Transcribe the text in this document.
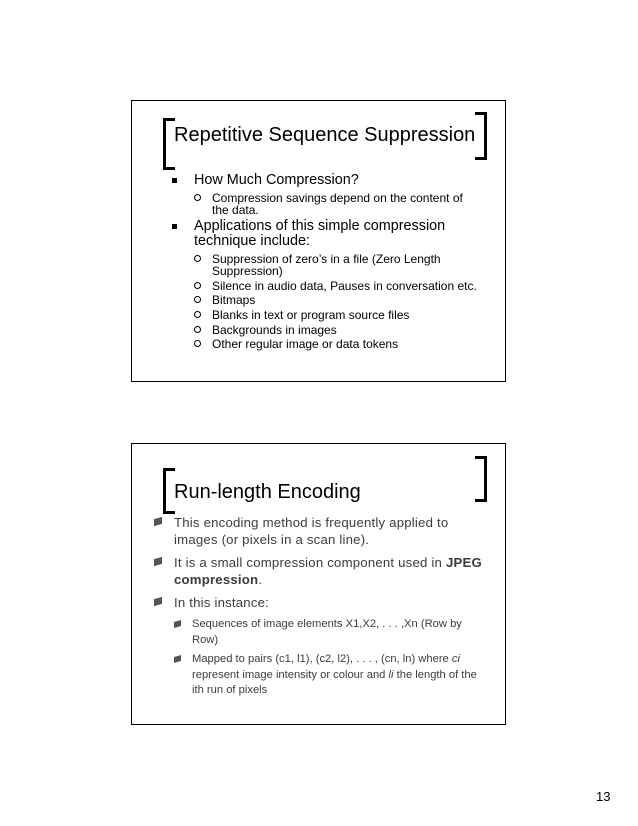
Repetitive Sequence Suppression
How Much Compression?
Compression savings depend on the content of the data.
Applications of this simple compression technique include:
Suppression of zero’s in a file (Zero Length Suppression)
Silence in audio data, Pauses in conversation etc.
Bitmaps
Blanks in text or program source files
Backgrounds in images
Other regular image or data tokens
Run-length Encoding
This encoding method is frequently applied to images (or pixels in a scan line).
It is a small compression component used in JPEG compression.
In this instance:
Sequences of image elements X1,X2, . . . ,Xn (Row by Row)
Mapped to pairs (c1, l1), (c2, l2), . . . , (cn, ln) where ci represent image intensity or colour and li the length of the ith run of pixels
13
